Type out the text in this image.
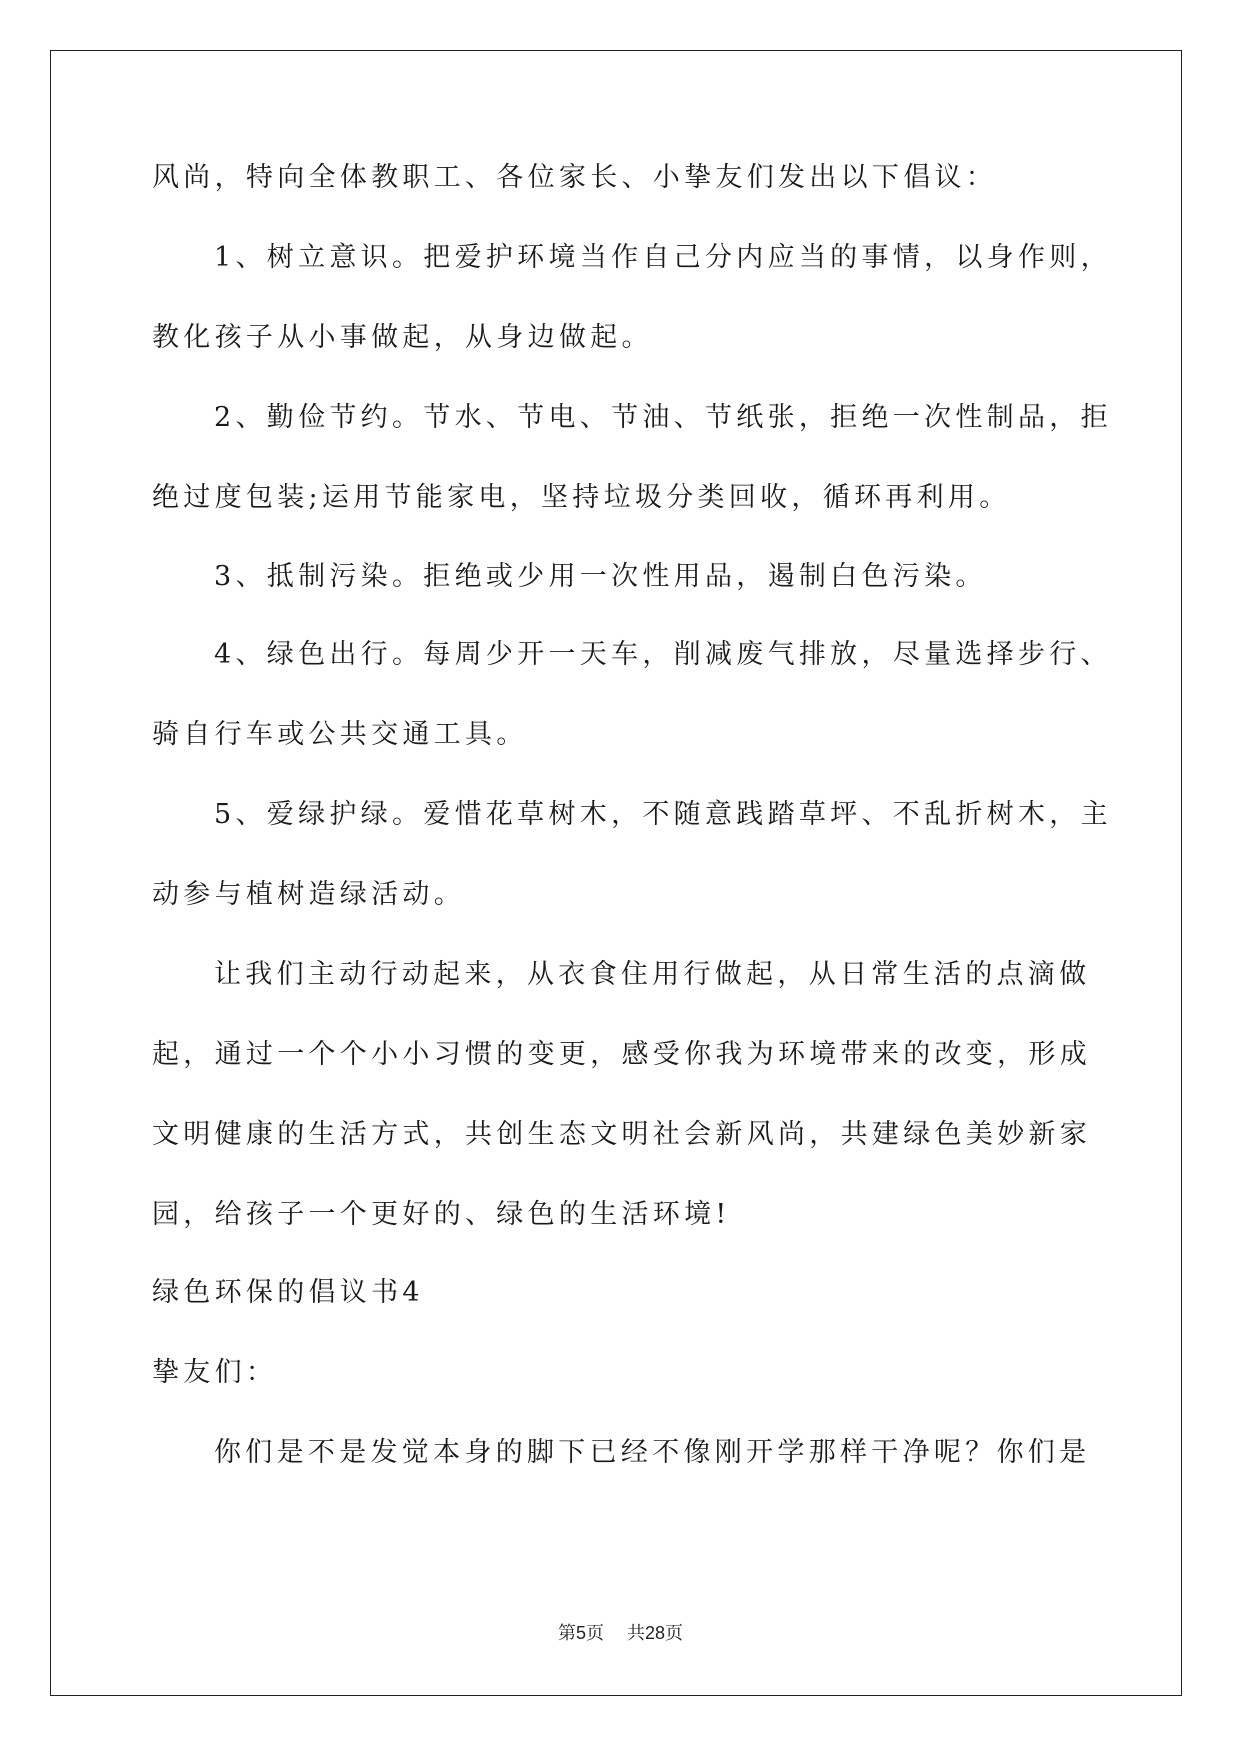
风尚，特向全体教职工、各位家长、小挚友们发出以下倡议：
1、树立意识。把爱护环境当作自己分内应当的事情，以身作则，
教化孩子从小事做起，从身边做起。
2、勤俭节约。节水、节电、节油、节纸张，拒绝一次性制品，拒
绝过度包装;运用节能家电，坚持垃圾分类回收，循环再利用。
3、抵制污染。拒绝或少用一次性用品，遏制白色污染。
4、绿色出行。每周少开一天车，削减废气排放，尽量选择步行、
骑自行车或公共交通工具。
5、爱绿护绿。爱惜花草树木，不随意践踏草坪、不乱折树木，主
动参与植树造绿活动。
让我们主动行动起来，从衣食住用行做起，从日常生活的点滴做
起，通过一个个小小习惯的变更，感受你我为环境带来的改变，形成
文明健康的生活方式，共创生态文明社会新风尚，共建绿色美妙新家
园，给孩子一个更好的、绿色的生活环境!
绿色环保的倡议书4
挚友们：
你们是不是发觉本身的脚下已经不像刚开学那样干净呢？你们是
第5页 共28页
